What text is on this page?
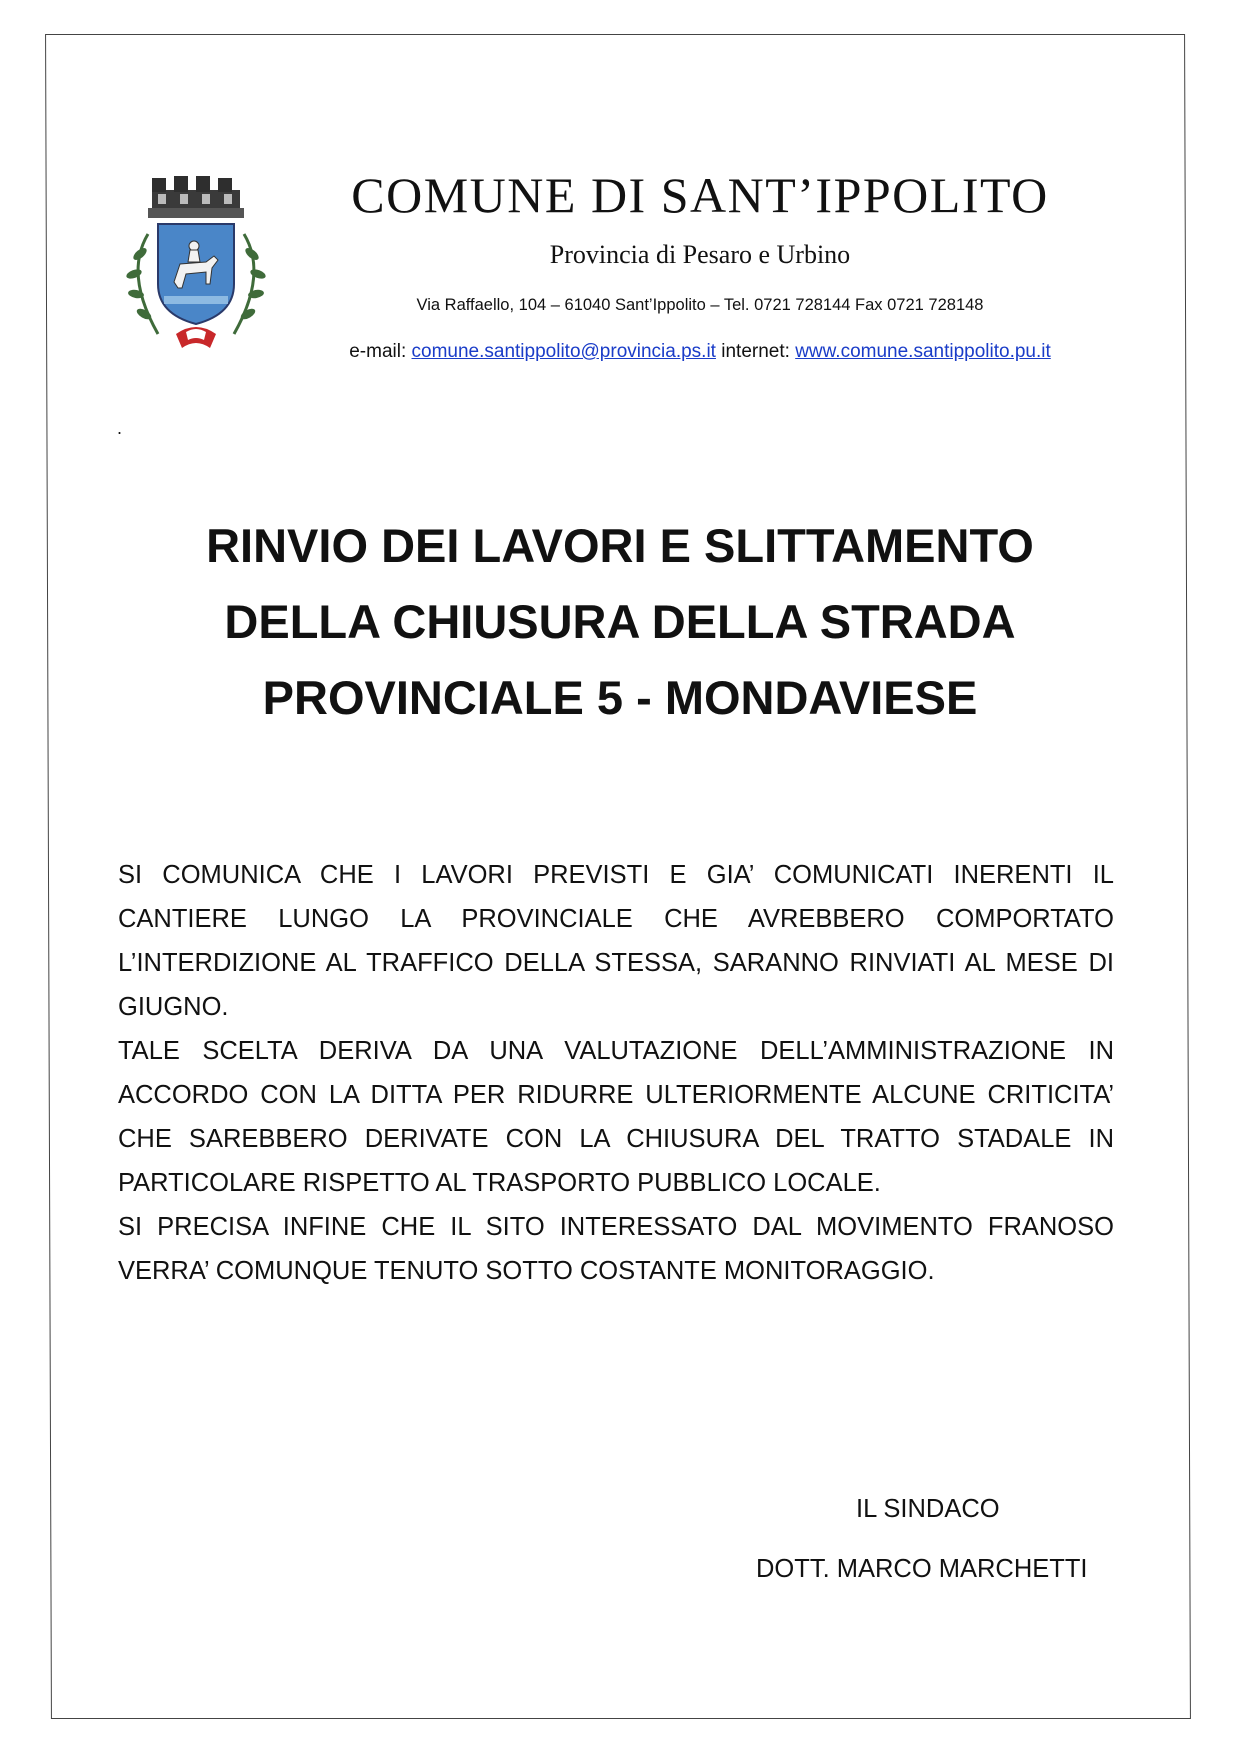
COMUNE DI SANT’IPPOLITO
Provincia di Pesaro e Urbino
Via Raffaello, 104 – 61040 Sant’Ippolito – Tel. 0721 728144 Fax 0721 728148
e-mail: comune.santippolito@provincia.ps.it internet: www.comune.santippolito.pu.it
.
RINVIO DEI LAVORI E SLITTAMENTO
DELLA CHIUSURA DELLA STRADA
PROVINCIALE 5 - MONDAVIESE

SI COMUNICA CHE I LAVORI PREVISTI E GIA’ COMUNICATI INERENTI IL CANTIERE LUNGO LA PROVINCIALE CHE AVREBBERO COMPORTATO L’INTERDIZIONE AL TRAFFICO DELLA STESSA, SARANNO RINVIATI AL MESE DI GIUGNO.

TALE SCELTA DERIVA DA UNA VALUTAZIONE DELL’AMMINISTRAZIONE IN ACCORDO CON LA DITTA PER RIDURRE ULTERIORMENTE ALCUNE CRITICITA’ CHE SAREBBERO DERIVATE CON LA CHIUSURA DEL TRATTO STADALE IN PARTICOLARE RISPETTO AL TRASPORTO PUBBLICO LOCALE.

SI PRECISA INFINE CHE IL SITO INTERESSATO DAL MOVIMENTO FRANOSO VERRA’ COMUNQUE TENUTO SOTTO COSTANTE MONITORAGGIO.

IL SINDACO
DOTT. MARCO MARCHETTI
